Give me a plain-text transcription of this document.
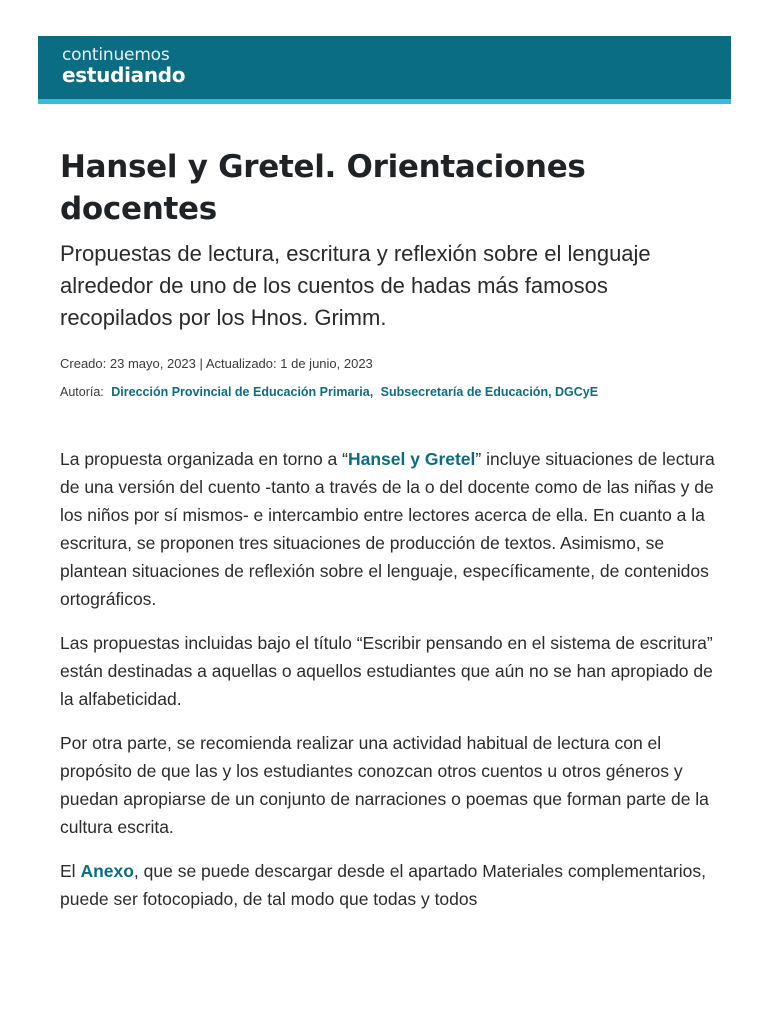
continuemos
estudiando
Hansel y Gretel. Orientaciones docentes

Propuestas de lectura, escritura y reflexión sobre el lenguaje alrededor de uno de los cuentos de hadas más famosos recopilados por los Hnos. Grimm.

Creado: 23 mayo, 2023 | Actualizado: 1 de junio, 2023
Autoría: Dirección Provincial de Educación Primaria, Subsecretaría de Educación, DGCyE

La propuesta organizada en torno a “Hansel y Gretel” incluye situaciones de lectura de una versión del cuento -tanto a través de la o del docente como de las niñas y de los niños por sí mismos- e intercambio entre lectores acerca de ella. En cuanto a la escritura, se proponen tres situaciones de producción de textos. Asimismo, se plantean situaciones de reflexión sobre el lenguaje, específicamente, de contenidos ortográficos.

Las propuestas incluidas bajo el título “Escribir pensando en el sistema de escritura” están destinadas a aquellas o aquellos estudiantes que aún no se han apropiado de la alfabeticidad.

Por otra parte, se recomienda realizar una actividad habitual de lectura con el propósito de que las y los estudiantes conozcan otros cuentos u otros géneros y puedan apropiarse de un conjunto de narraciones o poemas que forman parte de la cultura escrita.

El Anexo, que se puede descargar desde el apartado Materiales complementarios, puede ser fotocopiado, de tal modo que todas y todos
